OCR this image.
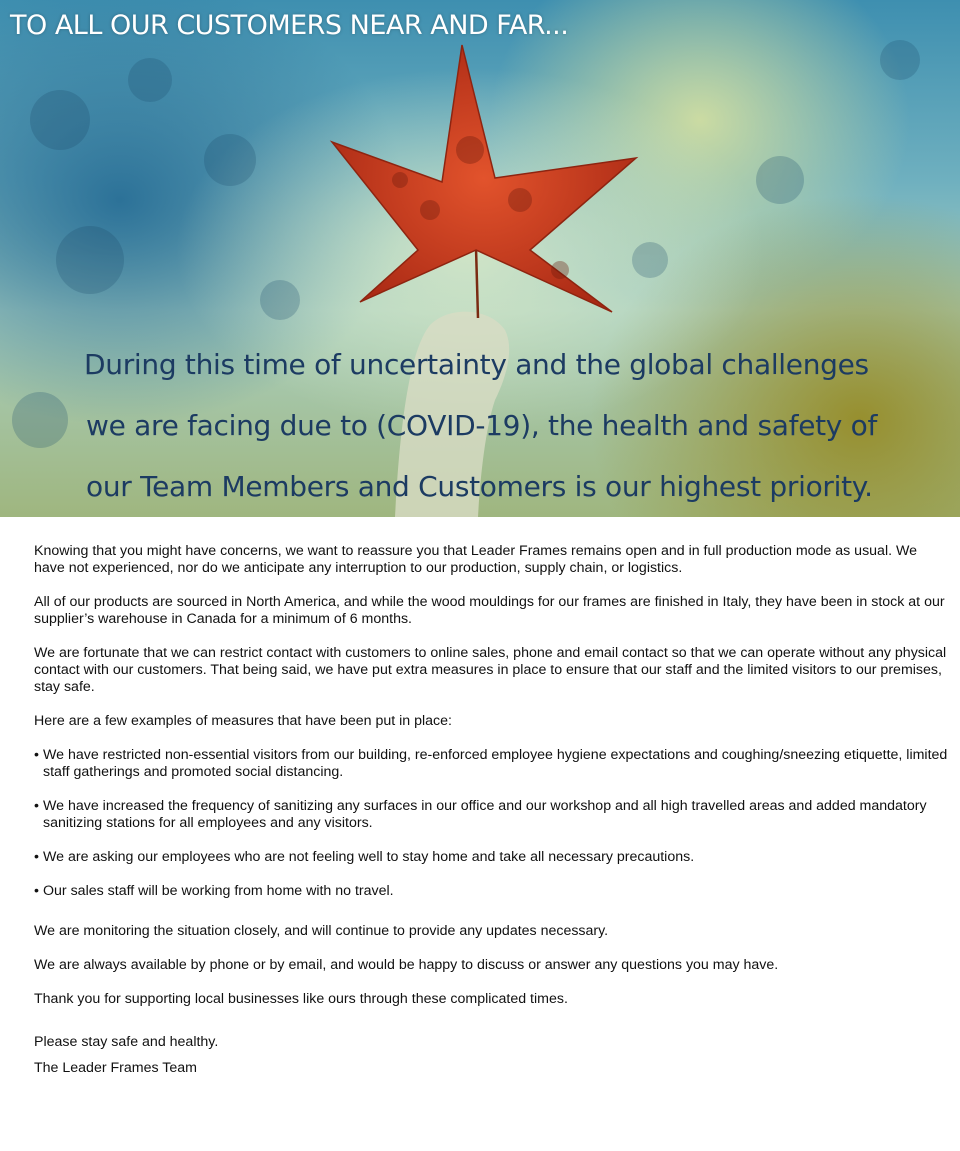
TO ALL OUR CUSTOMERS NEAR AND FAR...

During this time of uncertainty and the global challenges

we are facing due to (COVID-19), the health and safety of

our Team Members and Customers is our highest priority.

Knowing that you might have concerns, we want to reassure you that Leader Frames remains open and in full production mode as usual. We have not experienced, nor do we anticipate any interruption to our production, supply chain, or logistics.

All of our products are sourced in North America, and while the wood mouldings for our frames are finished in Italy, they have been in stock at our supplier’s warehouse in Canada for a minimum of 6 months.

We are fortunate that we can restrict contact with customers to online sales, phone and email contact so that we can operate without any physical contact with our customers. That being said, we have put extra measures in place to ensure that our staff and the limited visitors to our premises, stay safe.

Here are a few examples of measures that have been put in place:

• We have restricted non-essential visitors from our building, re-enforced employee hygiene expectations and coughing/sneezing etiquette, limited staff gatherings and promoted social distancing.

• We have increased the frequency of sanitizing any surfaces in our office and our workshop and all high travelled areas and added mandatory sanitizing stations for all employees and any visitors.

• We are asking our employees who are not feeling well to stay home and take all necessary precautions.

• Our sales staff will be working from home with no travel.

We are monitoring the situation closely, and will continue to provide any updates necessary.

We are always available by phone or by email, and would be happy to discuss or answer any questions you may have.

Thank you for supporting local businesses like ours through these complicated times.

Please stay safe and healthy.

The Leader Frames Team
